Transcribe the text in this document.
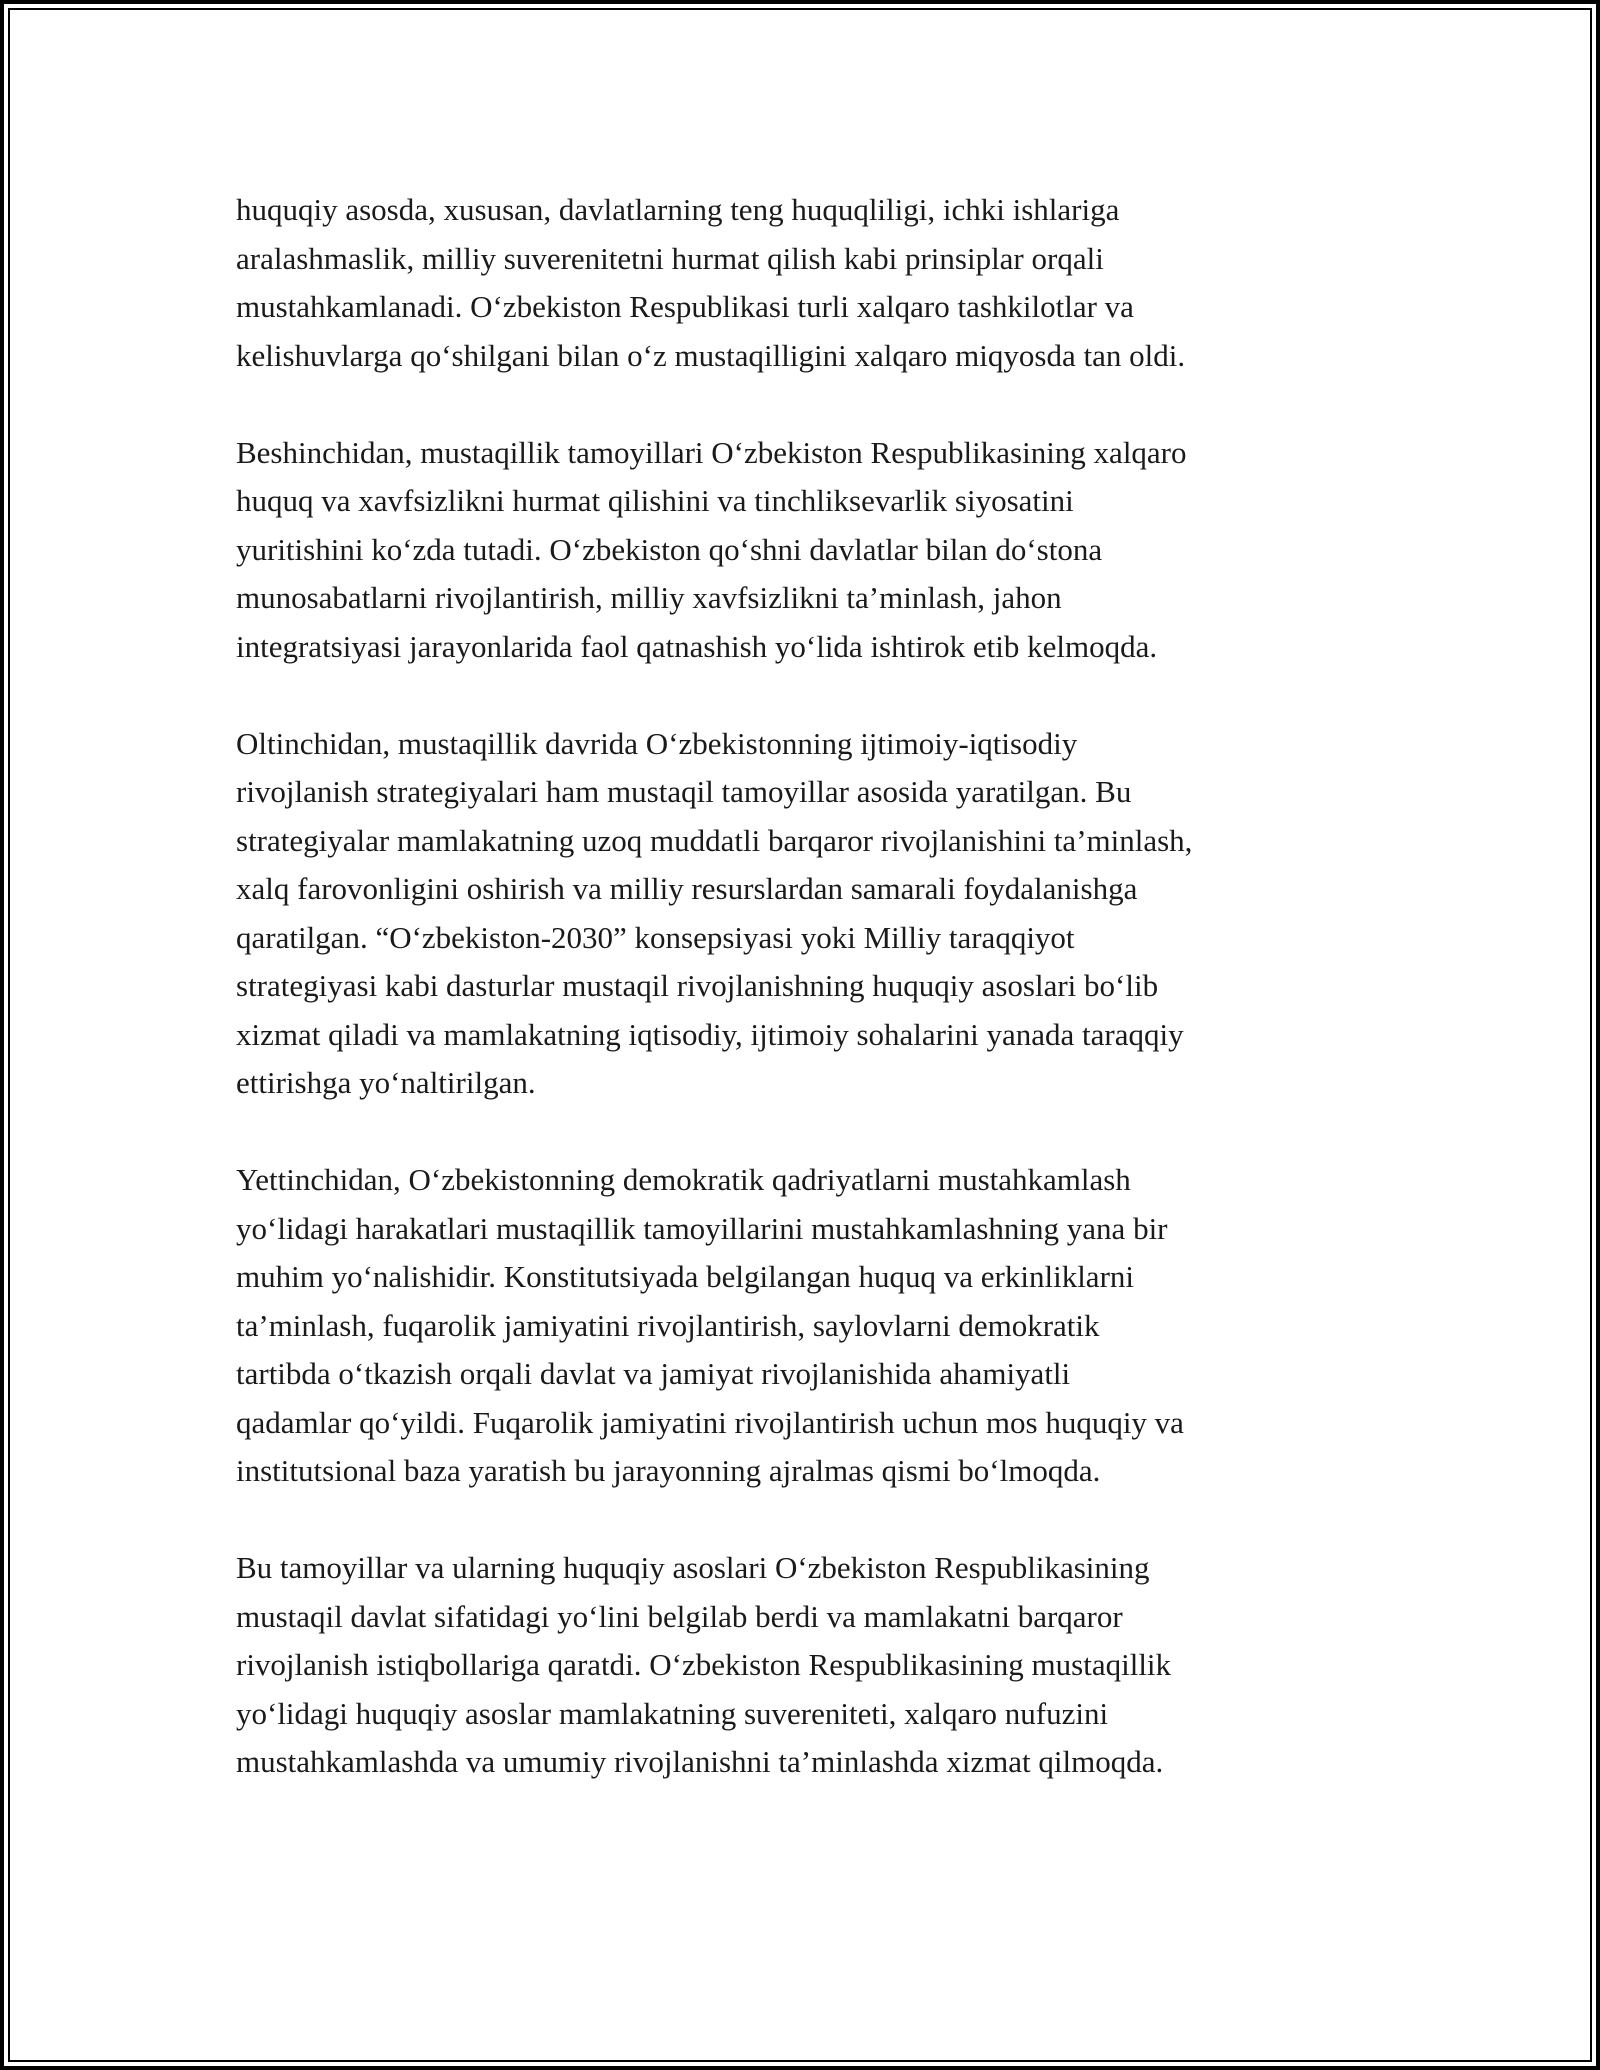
huquqiy asosda, xususan, davlatlarning teng huquqliligi, ichki ishlariga
aralashmaslik, milliy suverenitetni hurmat qilish kabi prinsiplar orqali
mustahkamlanadi. O‘zbekiston Respublikasi turli xalqaro tashkilotlar va
kelishuvlarga qo‘shilgani bilan o‘z mustaqilligini xalqaro miqyosda tan oldi.

Beshinchidan, mustaqillik tamoyillari O‘zbekiston Respublikasining xalqaro
huquq va xavfsizlikni hurmat qilishini va tinchliksevarlik siyosatini
yuritishini ko‘zda tutadi. O‘zbekiston qo‘shni davlatlar bilan do‘stona
munosabatlarni rivojlantirish, milliy xavfsizlikni ta’minlash, jahon
integratsiyasi jarayonlarida faol qatnashish yo‘lida ishtirok etib kelmoqda.

Oltinchidan, mustaqillik davrida O‘zbekistonning ijtimoiy-iqtisodiy
rivojlanish strategiyalari ham mustaqil tamoyillar asosida yaratilgan. Bu
strategiyalar mamlakatning uzoq muddatli barqaror rivojlanishini ta’minlash,
xalq farovonligini oshirish va milliy resurslardan samarali foydalanishga
qaratilgan. “O‘zbekiston-2030” konsepsiyasi yoki Milliy taraqqiyot
strategiyasi kabi dasturlar mustaqil rivojlanishning huquqiy asoslari bo‘lib
xizmat qiladi va mamlakatning iqtisodiy, ijtimoiy sohalarini yanada taraqqiy
ettirishga yo‘naltirilgan.

Yettinchidan, O‘zbekistonning demokratik qadriyatlarni mustahkamlash
yo‘lidagi harakatlari mustaqillik tamoyillarini mustahkamlashning yana bir
muhim yo‘nalishidir. Konstitutsiyada belgilangan huquq va erkinliklarni
ta’minlash, fuqarolik jamiyatini rivojlantirish, saylovlarni demokratik
tartibda o‘tkazish orqali davlat va jamiyat rivojlanishida ahamiyatli
qadamlar qo‘yildi. Fuqarolik jamiyatini rivojlantirish uchun mos huquqiy va
institutsional baza yaratish bu jarayonning ajralmas qismi bo‘lmoqda.

Bu tamoyillar va ularning huquqiy asoslari O‘zbekiston Respublikasining
mustaqil davlat sifatidagi yo‘lini belgilab berdi va mamlakatni barqaror
rivojlanish istiqbollariga qaratdi. O‘zbekiston Respublikasining mustaqillik
yo‘lidagi huquqiy asoslar mamlakatning suvereniteti, xalqaro nufuzini
mustahkamlashda va umumiy rivojlanishni ta’minlashda xizmat qilmoqda.
